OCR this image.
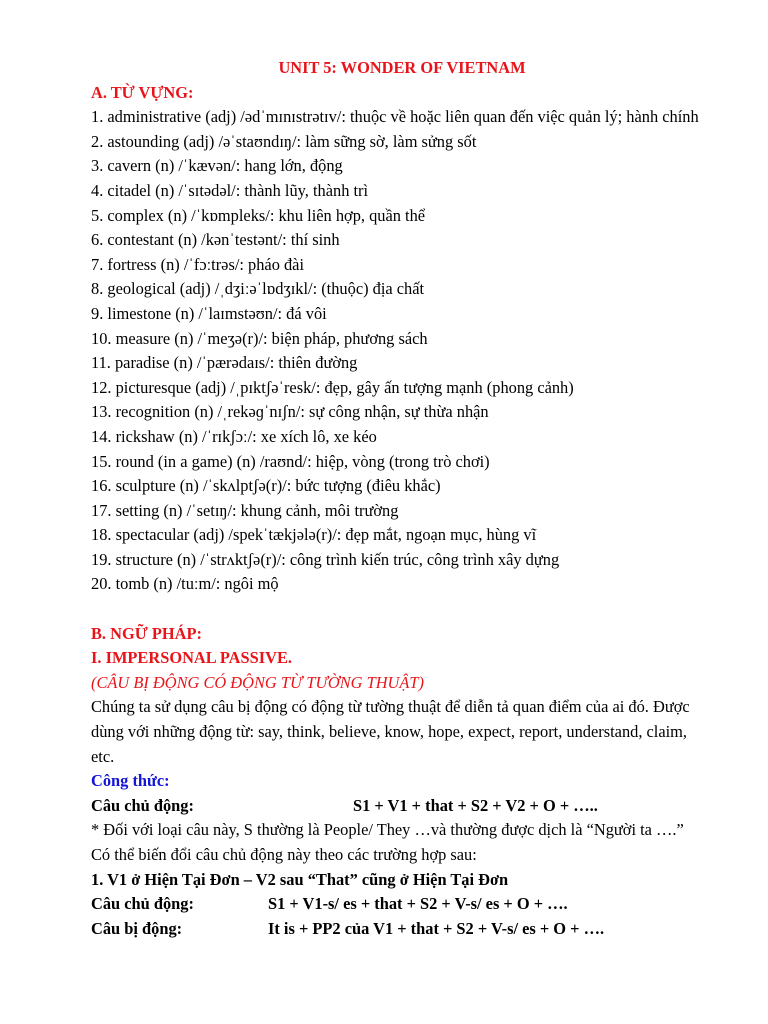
UNIT 5: WONDER OF VIETNAM
A. TỪ VỰNG:
1. administrative (adj) /ədˈmɪnɪstrətɪv/: thuộc về hoặc liên quan đến việc quản lý; hành chính
2. astounding (adj) /əˈstaʊndɪŋ/: làm sững sờ, làm sửng sốt
3. cavern (n) /ˈkævən/: hang lớn, động
4. citadel (n) /ˈsɪtədəl/: thành lũy, thành trì
5. complex (n) /ˈkɒmpleks/: khu liên hợp, quần thể
6. contestant (n) /kənˈtestənt/: thí sinh
7. fortress (n) /ˈfɔːtrəs/: pháo đài
8. geological (adj) /ˌdʒiːəˈlɒdʒɪkl/: (thuộc) địa chất
9. limestone (n) /ˈlaɪmstəʊn/: đá vôi
10. measure (n) /ˈmeʒə(r)/: biện pháp, phương sách
11. paradise (n) /ˈpærədaɪs/: thiên đường
12. picturesque (adj) /ˌpɪktʃəˈresk/: đẹp, gây ấn tượng mạnh (phong cảnh)
13. recognition (n) /ˌrekəɡˈnɪʃn/: sự công nhận, sự thừa nhận
14. rickshaw (n) /ˈrɪkʃɔː/: xe xích lô, xe kéo
15. round (in a game) (n) /raʊnd/: hiệp, vòng (trong trò chơi)
16. sculpture (n) /ˈskʌlptʃə(r)/: bức tượng (điêu khắc)
17. setting (n) /ˈsetɪŋ/: khung cảnh, môi trường
18. spectacular (adj) /spekˈtækjələ(r)/: đẹp mắt, ngoạn mục, hùng vĩ
19. structure (n) /ˈstrʌktʃə(r)/: công trình kiến trúc, công trình xây dựng
20. tomb (n) /tuːm/: ngôi mộ
B. NGỮ PHÁP:
I. IMPERSONAL PASSIVE.
(CÂU BỊ ĐỘNG CÓ ĐỘNG TỪ TƯỜNG THUẬT)
Chúng ta sử dụng câu bị động có động từ tường thuật để diễn tả quan điểm của ai đó. Được dùng với những động từ: say, think, believe, know, hope, expect, report, understand, claim, etc.
Công thức:
Câu chủ động:	S1 + V1 + that + S2 + V2 + O + …..
* Đối với loại câu này, S thường là People/ They …và thường được dịch là “Người ta ….”
Có thể biến đổi câu chủ động này theo các trường hợp sau:
1. V1 ở Hiện Tại Đơn – V2 sau “That” cũng ở Hiện Tại Đơn
Câu chủ động:	S1 + V1-s/ es + that + S2 + V-s/ es + O + ….
Câu bị động:	It is + PP2 của V1 + that + S2 + V-s/ es + O + ….
